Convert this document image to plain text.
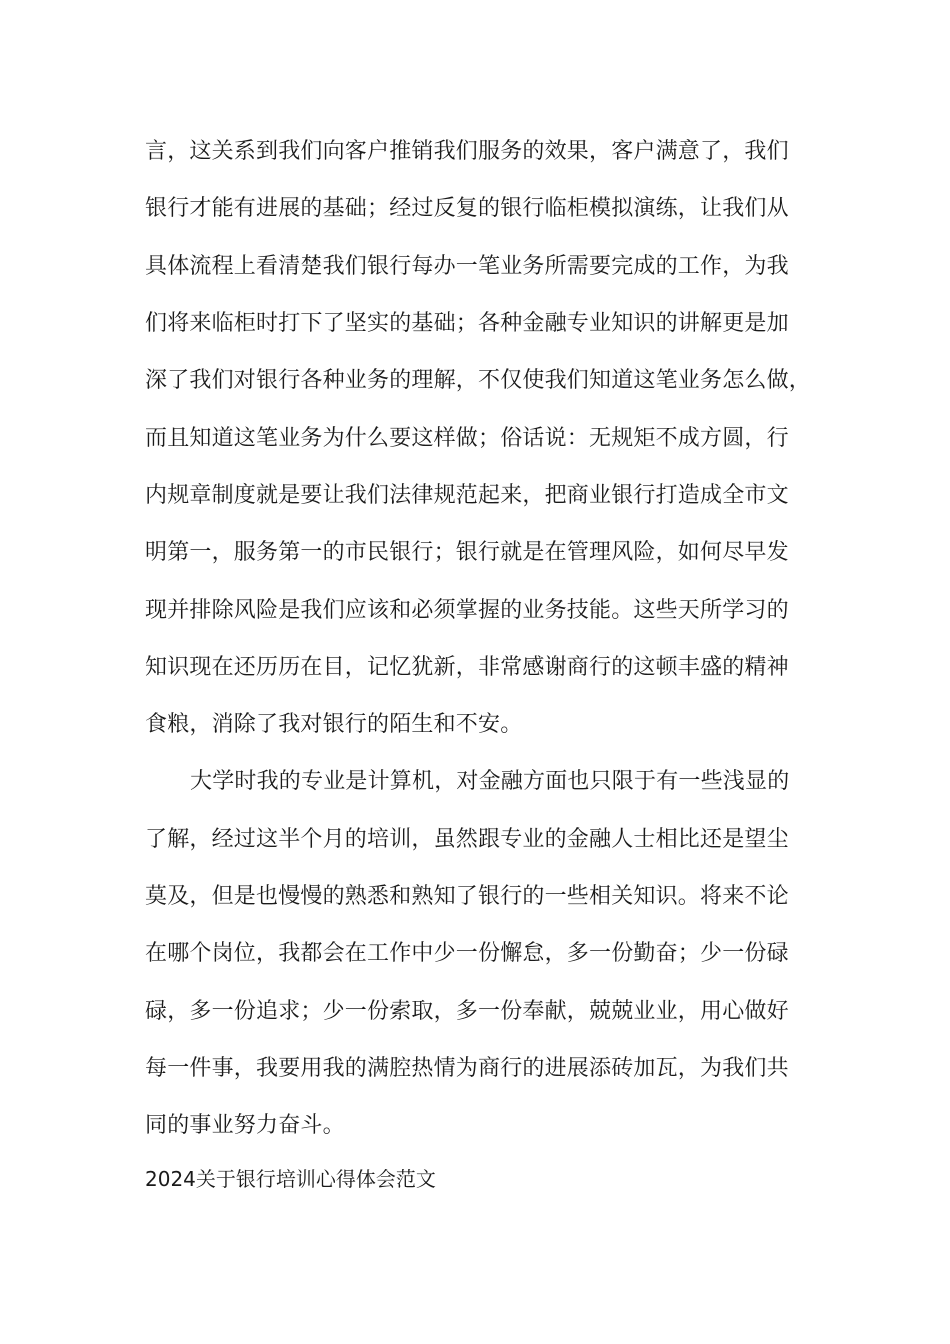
言，这关系到我们向客户推销我们服务的效果，客户满意了，我们
银行才能有进展的基础；经过反复的银行临柜模拟演练，让我们从
具体流程上看清楚我们银行每办一笔业务所需要完成的工作，为我
们将来临柜时打下了坚实的基础；各种金融专业知识的讲解更是加
深了我们对银行各种业务的理解，不仅使我们知道这笔业务怎么做，
而且知道这笔业务为什么要这样做；俗话说：无规矩不成方圆，行
内规章制度就是要让我们法律规范起来，把商业银行打造成全市文
明第一，服务第一的市民银行；银行就是在管理风险，如何尽早发
现并排除风险是我们应该和必须掌握的业务技能。这些天所学习的
知识现在还历历在目，记忆犹新，非常感谢商行的这顿丰盛的精神
食粮，消除了我对银行的陌生和不安。
大学时我的专业是计算机，对金融方面也只限于有一些浅显的
了解，经过这半个月的培训，虽然跟专业的金融人士相比还是望尘
莫及，但是也慢慢的熟悉和熟知了银行的一些相关知识。将来不论
在哪个岗位，我都会在工作中少一份懈怠，多一份勤奋；少一份碌
碌，多一份追求；少一份索取，多一份奉献，兢兢业业，用心做好
每一件事，我要用我的满腔热情为商行的进展添砖加瓦，为我们共
同的事业努力奋斗。
2024关于银行培训心得体会范文
